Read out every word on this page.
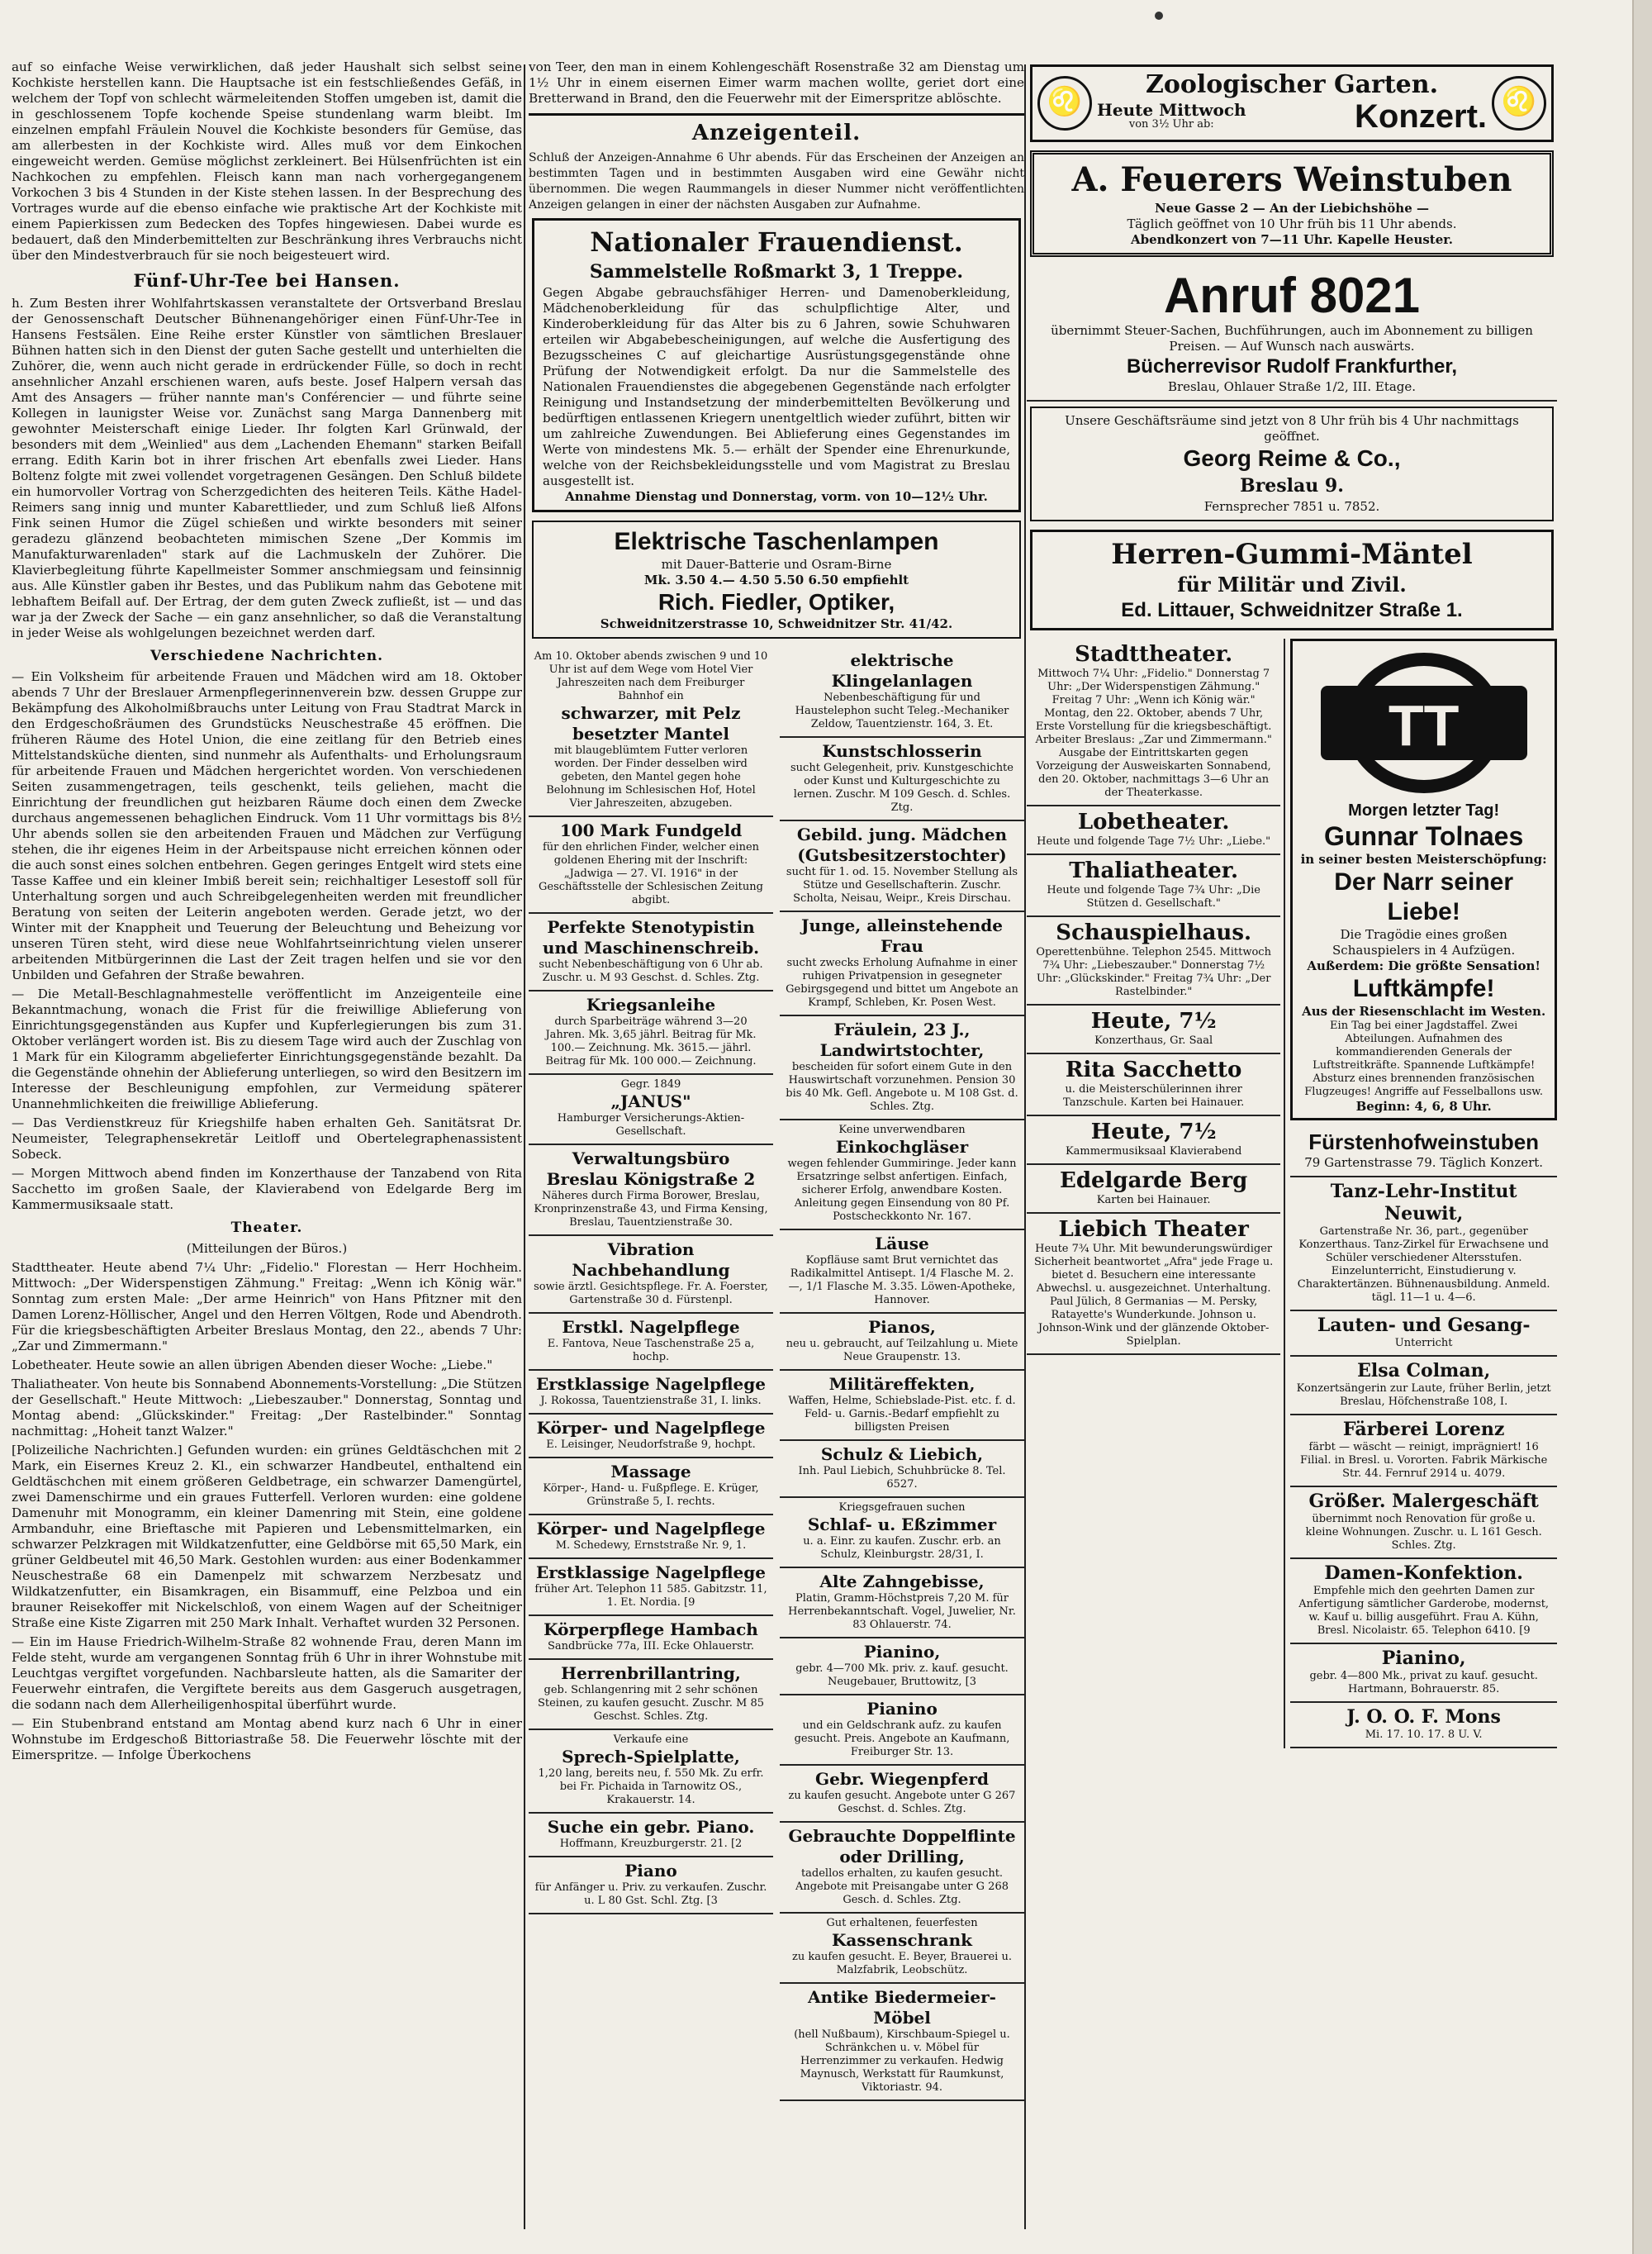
auf so einfache Weise verwirklichen, daß jeder Haushalt sich selbst seine Kochkiste herstellen kann. Die Hauptsache ist ein festschließendes Gefäß, in welchem der Topf von schlecht wärmeleitenden Stoffen umgeben ist, damit die in geschlossenem Topfe kochende Speise stundenlang warm bleibt. Im einzelnen empfahl Fräulein Nouvel die Kochkiste besonders für Gemüse, das am allerbesten in der Kochkiste wird. Alles muß vor dem Einkochen eingeweicht werden. Gemüse möglichst zerkleinert. Bei Hülsenfrüchten ist ein Nachkochen zu empfehlen. Fleisch kann man nach vorhergegangenem Vorkochen 3 bis 4 Stunden in der Kiste stehen lassen. In der Besprechung des Vortrages wurde auf die ebenso einfache wie praktische Art der Kochkiste mit einem Papierkissen zum Bedecken des Topfes hingewiesen. Dabei wurde es bedauert, daß den Minderbemittelten zur Beschränkung ihres Verbrauchs nicht über den Mindestverbrauch für sie noch beigesteuert wird.

Fünf-Uhr-Tee bei Hansen.

h. Zum Besten ihrer Wohlfahrtskassen veranstaltete der Ortsverband Breslau der Genossenschaft Deutscher Bühnenangehöriger einen Fünf-Uhr-Tee in Hansens Festsälen. Eine Reihe erster Künstler von sämtlichen Breslauer Bühnen hatten sich in den Dienst der guten Sache gestellt und unterhielten die Zuhörer, die, wenn auch nicht gerade in erdrückender Fülle, so doch in recht ansehnlicher Anzahl erschienen waren, aufs beste. Josef Halpern versah das Amt des Ansagers — früher nannte man's Conférencier — und führte seine Kollegen in launigster Weise vor. Zunächst sang Marga Dannenberg mit gewohnter Meisterschaft einige Lieder. Ihr folgten Karl Grünwald, der besonders mit dem „Weinlied" aus dem „Lachenden Ehemann" starken Beifall errang. Edith Karin bot in ihrer frischen Art ebenfalls zwei Lieder. Hans Boltenz folgte mit zwei vollendet vorgetragenen Gesängen. Den Schluß bildete ein humorvoller Vortrag von Scherzgedichten des heiteren Teils. Käthe Hadel-Reimers sang innig und munter Kabarettlieder, und zum Schluß ließ Alfons Fink seinen Humor die Zügel schießen und wirkte besonders mit seiner geradezu glänzend beobachteten mimischen Szene „Der Kommis im Manufakturwarenladen" stark auf die Lachmuskeln der Zuhörer. Die Klavierbegleitung führte Kapellmeister Sommer anschmiegsam und feinsinnig aus. Alle Künstler gaben ihr Bestes, und das Publikum nahm das Gebotene mit lebhaftem Beifall auf. Der Ertrag, der dem guten Zweck zufließt, ist — und das war ja der Zweck der Sache — ein ganz ansehnlicher, so daß die Veranstaltung in jeder Weise als wohlgelungen bezeichnet werden darf.

Verschiedene Nachrichten.

— Ein Volksheim für arbeitende Frauen und Mädchen wird am 18. Oktober abends 7 Uhr der Breslauer Armenpflegerinnenverein bzw. dessen Gruppe zur Bekämpfung des Alkoholmißbrauchs unter Leitung von Frau Stadtrat Marck in den Erdgeschoßräumen des Grundstücks Neuschestraße 45 eröffnen. Die früheren Räume des Hotel Union, die eine zeitlang für den Betrieb eines Mittelstandsküche dienten, sind nunmehr als Aufenthalts- und Erholungsraum für arbeitende Frauen und Mädchen hergerichtet worden. Von verschiedenen Seiten zusammengetragen, teils geschenkt, teils geliehen, macht die Einrichtung der freundlichen gut heizbaren Räume doch einen dem Zwecke durchaus angemessenen behaglichen Eindruck. Vom 11 Uhr vormittags bis 8½ Uhr abends sollen sie den arbeitenden Frauen und Mädchen zur Verfügung stehen, die ihr eigenes Heim in der Arbeitspause nicht erreichen können oder die auch sonst eines solchen entbehren. Gegen geringes Entgelt wird stets eine Tasse Kaffee und ein kleiner Imbiß bereit sein; reichhaltiger Lesestoff soll für Unterhaltung sorgen und auch Schreibgelegenheiten werden mit freundlicher Beratung von seiten der Leiterin angeboten werden. Gerade jetzt, wo der Winter mit der Knappheit und Teuerung der Beleuchtung und Beheizung vor unseren Türen steht, wird diese neue Wohlfahrtseinrichtung vielen unserer arbeitenden Mitbürgerinnen die Last der Zeit tragen helfen und sie vor den Unbilden und Gefahren der Straße bewahren.

— Die Metall-Beschlagnahmestelle veröffentlicht im Anzeigenteile eine Bekanntmachung, wonach die Frist für die freiwillige Ablieferung von Einrichtungsgegenständen aus Kupfer und Kupferlegierungen bis zum 31. Oktober verlängert worden ist. Bis zu diesem Tage wird auch der Zuschlag von 1 Mark für ein Kilogramm abgelieferter Einrichtungsgegenstände bezahlt. Da die Gegenstände ohnehin der Ablieferung unterliegen, so wird den Besitzern im Interesse der Beschleunigung empfohlen, zur Vermeidung späterer Unannehmlichkeiten die freiwillige Ablieferung.

— Das Verdienstkreuz für Kriegshilfe haben erhalten Geh. Sanitätsrat Dr. Neumeister, Telegraphensekretär Leitloff und Obertelegraphenassistent Sobeck.

— Morgen Mittwoch abend finden im Konzerthause der Tanzabend von Rita Sacchetto im großen Saale, der Klavierabend von Edelgarde Berg im Kammermusiksaale statt.

Theater.
(Mitteilungen der Büros.)

Stadttheater. Heute abend 7¼ Uhr: „Fidelio." Florestan — Herr Hochheim. Mittwoch: „Der Widerspenstigen Zähmung." Freitag: „Wenn ich König wär." Sonntag zum ersten Male: „Der arme Heinrich" von Hans Pfitzner mit den Damen Lorenz-Höllischer, Angel und den Herren Völtgen, Rode und Abendroth. Für die kriegsbeschäftigten Arbeiter Breslaus Montag, den 22., abends 7 Uhr: „Zar und Zimmermann."

Lobetheater. Heute sowie an allen übrigen Abenden dieser Woche: „Liebe."

Thaliatheater. Von heute bis Sonnabend Abonnements-Vorstellung: „Die Stützen der Gesellschaft." Heute Mittwoch: „Liebeszauber." Donnerstag, Sonntag und Montag abend: „Glückskinder." Freitag: „Der Rastelbinder." Sonntag nachmittag: „Hoheit tanzt Walzer."

[Polizeiliche Nachrichten.] Gefunden wurden: ein grünes Geldtäschchen mit 2 Mark, ein Eisernes Kreuz 2. Kl., ein schwarzer Handbeutel, enthaltend ein Geldtäschchen mit einem größeren Geldbetrage, ein schwarzer Damengürtel, zwei Damenschirme und ein graues Futterfell. Verloren wurden: eine goldene Damenuhr mit Monogramm, ein kleiner Damenring mit Stein, eine goldene Armbanduhr, eine Brieftasche mit Papieren und Lebensmittelmarken, ein schwarzer Pelzkragen mit Wildkatzenfutter, eine Geldbörse mit 65,50 Mark, ein grüner Geldbeutel mit 46,50 Mark. Gestohlen wurden: aus einer Bodenkammer Neuschestraße 68 ein Damenpelz mit schwarzem Nerzbesatz und Wildkatzenfutter, ein Bisamkragen, ein Bisammuff, eine Pelzboa und ein brauner Reisekoffer mit Nickelschloß, von einem Wagen auf der Scheitniger Straße eine Kiste Zigarren mit 250 Mark Inhalt. Verhaftet wurden 32 Personen.

— Ein im Hause Friedrich-Wilhelm-Straße 82 wohnende Frau, deren Mann im Felde steht, wurde am vergangenen Sonntag früh 6 Uhr in ihrer Wohnstube mit Leuchtgas vergiftet vorgefunden. Nachbarsleute hatten, als die Samariter der Feuerwehr eintrafen, die Vergiftete bereits aus dem Gasgeruch ausgetragen, die sodann nach dem Allerheiligenhospital überführt wurde.

— Ein Stubenbrand entstand am Montag abend kurz nach 6 Uhr in einer Wohnstube im Erdgeschoß Bittoriastraße 58. Die Feuerwehr löschte mit der Eimerspritze. — Infolge Überkochens

von Teer, den man in einem Kohlengeschäft Rosenstraße 32 am Dienstag um 1½ Uhr in einem eisernen Eimer warm machen wollte, geriet dort eine Bretterwand in Brand, den die Feuerwehr mit der Eimerspritze ablöschte.

Anzeigenteil.

Schluß der Anzeigen-Annahme 6 Uhr abends. Für das Erscheinen der Anzeigen an bestimmten Tagen und in bestimmten Ausgaben wird eine Gewähr nicht übernommen. Die wegen Raummangels in dieser Nummer nicht veröffentlichten Anzeigen gelangen in einer der nächsten Ausgaben zur Aufnahme.

Nationaler Frauendienst.
Sammelstelle Roßmarkt 3, 1 Treppe.
Gegen Abgabe gebrauchsfähiger Herren- und Damenoberkleidung, Mädchenoberkleidung für das schulpflichtige Alter, und Kinderoberkleidung für das Alter bis zu 6 Jahren, sowie Schuhwaren erteilen wir Abgabebescheinigungen, auf welche die Ausfertigung des Bezugsscheines C auf gleichartige Ausrüstungsgegenstände ohne Prüfung der Notwendigkeit erfolgt. Da nur die Sammelstelle des Nationalen Frauendienstes die abgegebenen Gegenstände nach erfolgter Reinigung und Instandsetzung der minderbemittelten Bevölkerung und bedürftigen entlassenen Kriegern unentgeltlich wieder zuführt, bitten wir um zahlreiche Zuwendungen. Bei Ablieferung eines Gegenstandes im Werte von mindestens Mk. 5.— erhält der Spender eine Ehrenurkunde, welche von der Reichsbekleidungsstelle und vom Magistrat zu Breslau ausgestellt ist.
Annahme Dienstag und Donnerstag, vorm. von 10—12½ Uhr.
Elektrische Taschenlampen
mit Dauer-Batterie und Osram-Birne
Mk. 3.50 4.— 4.50 5.50 6.50 empfiehlt
Rich. Fiedler, Optiker,
Schweidnitzerstrasse 10, Schweidnitzer Str. 41/42.
Am 10. Oktober abends zwischen 9 und 10 Uhr ist auf dem Wege vom Hotel Vier Jahreszeiten nach dem Freiburger Bahnhof ein
schwarzer, mit Pelz besetzter Mantel
mit blaugeblümtem Futter verloren worden. Der Finder desselben wird gebeten, den Mantel gegen hohe Belohnung im Schlesischen Hof, Hotel Vier Jahreszeiten, abzugeben.
100 Mark Fundgeld
für den ehrlichen Finder, welcher einen goldenen Ehering mit der Inschrift: „Jadwiga — 27. VI. 1916" in der Geschäftsstelle der Schlesischen Zeitung abgibt.
Perfekte Stenotypistin und Maschinenschreib.
sucht Nebenbeschäftigung von 6 Uhr ab. Zuschr. u. M 93 Geschst. d. Schles. Ztg.
Kriegsanleihe
durch Sparbeiträge während 3—20 Jahren. Mk. 3,65 jährl. Beitrag für Mk. 100.— Zeichnung. Mk. 3615.— jährl. Beitrag für Mk. 100 000.— Zeichnung.
Gegr. 1849
„JANUS"
Hamburger Versicherungs-Aktien-Gesellschaft.
Verwaltungsbüro Breslau Königstraße 2
Näheres durch Firma Borower, Breslau, Kronprinzenstraße 43, und Firma Kensing, Breslau, Tauentzienstraße 30.
Vibration Nachbehandlung
sowie ärztl. Gesichtspflege. Fr. A. Foerster, Gartenstraße 30 d. Fürstenpl.
Erstkl. Nagelpflege
E. Fantova, Neue Taschenstraße 25 a, hochp.
Erstklassige Nagelpflege
J. Rokossa, Tauentzienstraße 31, I. links.
Körper- und Nagelpflege
E. Leisinger, Neudorfstraße 9, hochpt.
Massage
Körper-, Hand- u. Fußpflege. E. Krüger, Grünstraße 5, I. rechts.
Körper- und Nagelpflege
M. Schedewy, Ernststraße Nr. 9, 1.
Erstklassige Nagelpflege
früher Art. Telephon 11 585. Gabitzstr. 11, 1. Et. Nordia. [9
Körperpflege Hambach
Sandbrücke 77a, III. Ecke Ohlauerstr.
Herrenbrillantring,
geb. Schlangenring mit 2 sehr schönen Steinen, zu kaufen gesucht. Zuschr. M 85 Geschst. Schles. Ztg.
Verkaufe eine
Sprech-Spielplatte,
1,20 lang, bereits neu, f. 550 Mk. Zu erfr. bei Fr. Pichaida in Tarnowitz OS., Krakauerstr. 14.
Suche ein gebr. Piano.
Hoffmann, Kreuzburgerstr. 21. [2
Piano
für Anfänger u. Priv. zu verkaufen. Zuschr. u. L 80 Gst. Schl. Ztg. [3
elektrische Klingelanlagen
Nebenbeschäftigung für und Haustelephon sucht Teleg.-Mechaniker Zeldow, Tauentzienstr. 164, 3. Et.
Kunstschlosserin
sucht Gelegenheit, priv. Kunstgeschichte oder Kunst und Kulturgeschichte zu lernen. Zuschr. M 109 Gesch. d. Schles. Ztg.
Gebild. jung. Mädchen (Gutsbesitzerstochter)
sucht für 1. od. 15. November Stellung als Stütze und Gesellschafterin. Zuschr. Scholta, Neisau, Weipr., Kreis Dirschau.
Junge, alleinstehende Frau
sucht zwecks Erholung Aufnahme in einer ruhigen Privatpension in gesegneter Gebirgsgegend und bittet um Angebote an Krampf, Schleben, Kr. Posen West.
Fräulein, 23 J., Landwirtstochter,
bescheiden für sofort einem Gute in den Hauswirtschaft vorzunehmen. Pension 30 bis 40 Mk. Gefl. Angebote u. M 108 Gst. d. Schles. Ztg.
Keine unverwendbaren
Einkochgläser
wegen fehlender Gummiringe. Jeder kann Ersatzringe selbst anfertigen. Einfach, sicherer Erfolg, anwendbare Kosten. Anleitung gegen Einsendung von 80 Pf. Postscheckkonto Nr. 167.
Läuse
Kopfläuse samt Brut vernichtet das Radikalmittel Antisept. 1/4 Flasche M. 2.—, 1/1 Flasche M. 3.35. Löwen-Apotheke, Hannover.
Pianos,
neu u. gebraucht, auf Teilzahlung u. Miete Neue Graupenstr. 13.
Militäreffekten,
Waffen, Helme, Schiebslade-Pist. etc. f. d. Feld- u. Garnis.-Bedarf empfiehlt zu billigsten Preisen
Schulz & Liebich,
Inh. Paul Liebich, Schuhbrücke 8. Tel. 6527.
Kriegsgefrauen suchen
Schlaf- u. Eßzimmer
u. a. Einr. zu kaufen. Zuschr. erb. an Schulz, Kleinburgstr. 28/31, I.
Alte Zahngebisse,
Platin, Gramm-Höchstpreis 7,20 M. für Herrenbekanntschaft. Vogel, Juwelier, Nr. 83 Ohlauerstr. 74.
Pianino,
gebr. 4—700 Mk. priv. z. kauf. gesucht. Neugebauer, Bruttowitz, [3
Pianino
und ein Geldschrank aufz. zu kaufen gesucht. Preis. Angebote an Kaufmann, Freiburger Str. 13.
Gebr. Wiegenpferd
zu kaufen gesucht. Angebote unter G 267 Geschst. d. Schles. Ztg.
Gebrauchte Doppelflinte oder Drilling,
tadellos erhalten, zu kaufen gesucht. Angebote mit Preisangabe unter G 268 Gesch. d. Schles. Ztg.
Gut erhaltenen, feuerfesten
Kassenschrank
zu kaufen gesucht. E. Beyer, Brauerei u. Malzfabrik, Leobschütz.
Antike Biedermeier-Möbel
(hell Nußbaum), Kirschbaum-Spiegel u. Schränkchen u. v. Möbel für Herrenzimmer zu verkaufen. Hedwig Maynusch, Werkstatt für Raumkunst, Viktoriastr. 94.
♌
Zoologischer Garten.
Heute Mittwoch
von 3½ Uhr ab:	Konzert. ♌
A. Feuerers Weinstuben
Neue Gasse 2 — An der Liebichshöhe —
Täglich geöffnet von 10 Uhr früh bis 11 Uhr abends.
Abendkonzert von 7—11 Uhr. Kapelle Heuster.
Anruf 8021
übernimmt Steuer-Sachen, Buchführungen, auch im Abonnement zu billigen Preisen. — Auf Wunsch nach auswärts.
Bücherrevisor Rudolf Frankfurther,
Breslau, Ohlauer Straße 1/2, III. Etage.
Unsere Geschäftsräume sind jetzt von 8 Uhr früh bis 4 Uhr nachmittags geöffnet.
Georg Reime & Co.,
Breslau 9.
Fernsprecher 7851 u. 7852.
Herren-Gummi-Mäntel
für Militär und Zivil.
Ed. Littauer, Schweidnitzer Straße 1.
Stadttheater.
Mittwoch 7¼ Uhr: „Fidelio." Donnerstag 7 Uhr: „Der Widerspenstigen Zähmung." Freitag 7 Uhr: „Wenn ich König wär." Montag, den 22. Oktober, abends 7 Uhr, Erste Vorstellung für die kriegsbeschäftigt. Arbeiter Breslaus: „Zar und Zimmermann." Ausgabe der Eintrittskarten gegen Vorzeigung der Ausweiskarten Sonnabend, den 20. Oktober, nachmittags 3—6 Uhr an der Theaterkasse.
Lobetheater.
Heute und folgende Tage 7½ Uhr: „Liebe."
Thaliatheater.
Heute und folgende Tage 7¾ Uhr: „Die Stützen d. Gesellschaft."
Schauspielhaus.
Operettenbühne. Telephon 2545. Mittwoch 7¾ Uhr: „Liebeszauber." Donnerstag 7½ Uhr: „Glückskinder." Freitag 7¾ Uhr: „Der Rastelbinder."
Heute, 7½
Konzerthaus, Gr. Saal
Rita Sacchetto
u. die Meisterschülerinnen ihrer Tanzschule. Karten bei Hainauer.
Heute, 7½
Kammermusiksaal Klavierabend
Edelgarde Berg
Karten bei Hainauer.
Liebich Theater
Heute 7¾ Uhr. Mit bewunderungswürdiger Sicherheit beantwortet „Afra" jede Frage u. bietet d. Besuchern eine interessante Abwechsl. u. ausgezeichnet. Unterhaltung. Paul Jülich, 8 Germanias — M. Persky, Ratayette's Wunderkunde. Johnson u. Johnson-Wink und der glänzende Oktober-Spielplan.
TT
Morgen letzter Tag!
Gunnar Tolnaes
in seiner besten Meisterschöpfung:
Der Narr seiner Liebe!
Die Tragödie eines großen Schauspielers in 4 Aufzügen.
Außerdem: Die größte Sensation!
Luftkämpfe!
Aus der Riesenschlacht im Westen.
Ein Tag bei einer Jagdstaffel. Zwei Abteilungen. Aufnahmen des kommandierenden Generals der Luftstreitkräfte. Spannende Luftkämpfe! Absturz eines brennenden französischen Flugzeuges! Angriffe auf Fesselballons usw.
Beginn: 4, 6, 8 Uhr.
Fürstenhofweinstuben
79 Gartenstrasse 79. Täglich Konzert.
Tanz-Lehr-Institut Neuwit,
Gartenstraße Nr. 36, part., gegenüber Konzerthaus. Tanz-Zirkel für Erwachsene und Schüler verschiedener Altersstufen. Einzelunterricht, Einstudierung v. Charaktertänzen. Bühnenausbildung. Anmeld. tägl. 11—1 u. 4—6.
Lauten- und Gesang-
Unterricht
Elsa Colman,
Konzertsängerin zur Laute, früher Berlin, jetzt Breslau, Höfchenstraße 108, I.
Färberei Lorenz
färbt — wäscht — reinigt, imprägniert! 16 Filial. in Bresl. u. Vororten. Fabrik Märkische Str. 44. Fernruf 2914 u. 4079.
Größer. Malergeschäft
übernimmt noch Renovation für große u. kleine Wohnungen. Zuschr. u. L 161 Gesch. Schles. Ztg.
Damen-Konfektion.
Empfehle mich den geehrten Damen zur Anfertigung sämtlicher Garderobe, modernst, w. Kauf u. billig ausgeführt. Frau A. Kühn, Bresl. Nicolaistr. 65. Telephon 6410. [9
Pianino,
gebr. 4—800 Mk., privat zu kauf. gesucht. Hartmann, Bohrauerstr. 85.
J. O. O. F. Mons
Mi. 17. 10. 17. 8 U. V.
